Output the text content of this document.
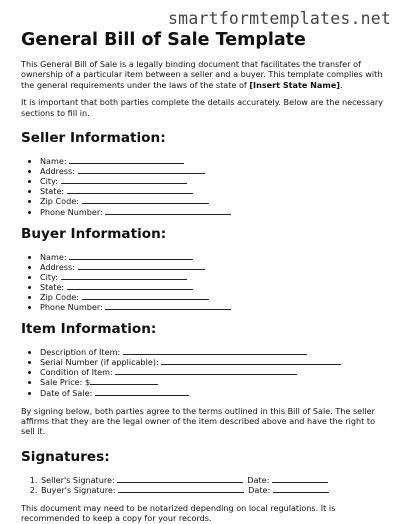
smartformtemplates.net
General Bill of Sale Template

This General Bill of Sale is a legally binding document that facilitates the transfer of ownership of a particular item between a seller and a buyer. This template complies with the general requirements under the laws of the state of [Insert State Name].

It is important that both parties complete the details accurately. Below are the necessary sections to fill in.

Seller Information:
• Name:
• Address:
• City:
• State:
• Zip Code:
• Phone Number:
Buyer Information:
• Name:
• Address:
• City:
• State:
• Zip Code:
• Phone Number:
Item Information:
• Description of Item:
• Serial Number (if applicable):
• Condition of Item:
• Sale Price: $
• Date of Sale:

By signing below, both parties agree to the terms outlined in this Bill of Sale. The seller affirms that they are the legal owner of the item described above and have the right to sell it.

Signatures:
1. Seller's Signature:	Date:
2. Buyer's Signature:	Date:

This document may need to be notarized depending on local regulations. It is recommended to keep a copy for your records.
